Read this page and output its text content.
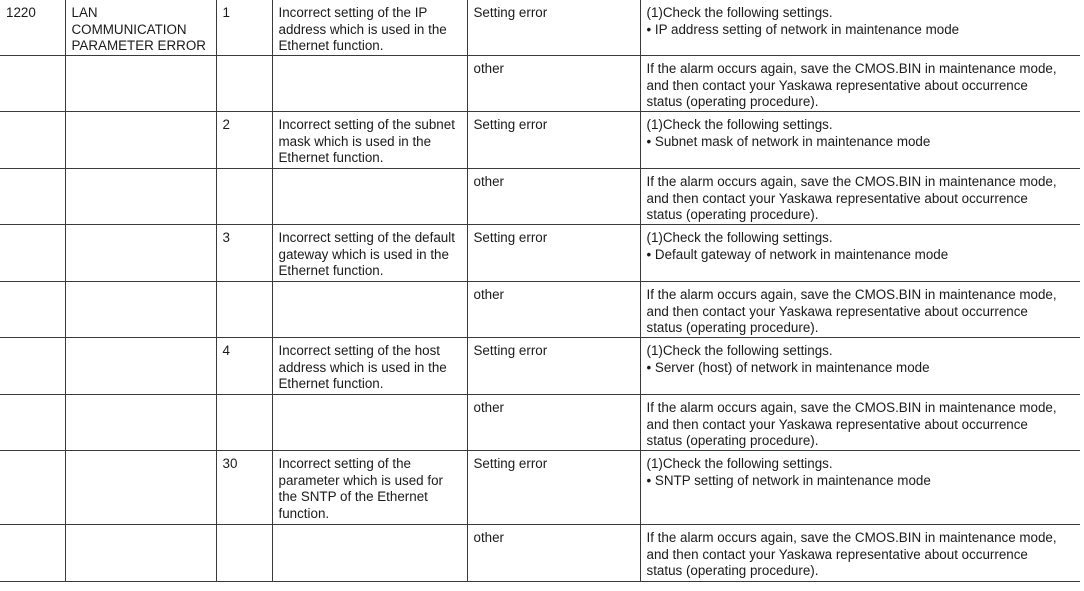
1220	LAN
COMMUNICATION
PARAMETER ERROR	1	Incorrect setting of the IP
address which is used in the
Ethernet function.	Setting error	(1)Check the following settings.
• IP address setting of network in maintenance mode

				other	If the alarm occurs again, save the CMOS.BIN in maintenance mode,
and then contact your Yaskawa representative about occurrence
status (operating procedure).

		2	Incorrect setting of the subnet
mask which is used in the
Ethernet function.	Setting error	(1)Check the following settings.
• Subnet mask of network in maintenance mode

				other	If the alarm occurs again, save the CMOS.BIN in maintenance mode,
and then contact your Yaskawa representative about occurrence
status (operating procedure).

		3	Incorrect setting of the default
gateway which is used in the
Ethernet function.	Setting error	(1)Check the following settings.
• Default gateway of network in maintenance mode

				other	If the alarm occurs again, save the CMOS.BIN in maintenance mode,
and then contact your Yaskawa representative about occurrence
status (operating procedure).

		4	Incorrect setting of the host
address which is used in the
Ethernet function.	Setting error	(1)Check the following settings.
• Server (host) of network in maintenance mode

				other	If the alarm occurs again, save the CMOS.BIN in maintenance mode,
and then contact your Yaskawa representative about occurrence
status (operating procedure).

		30	Incorrect setting of the
parameter which is used for
the SNTP of the Ethernet
function.	Setting error	(1)Check the following settings.
• SNTP setting of network in maintenance mode

				other	If the alarm occurs again, save the CMOS.BIN in maintenance mode,
and then contact your Yaskawa representative about occurrence
status (operating procedure).
